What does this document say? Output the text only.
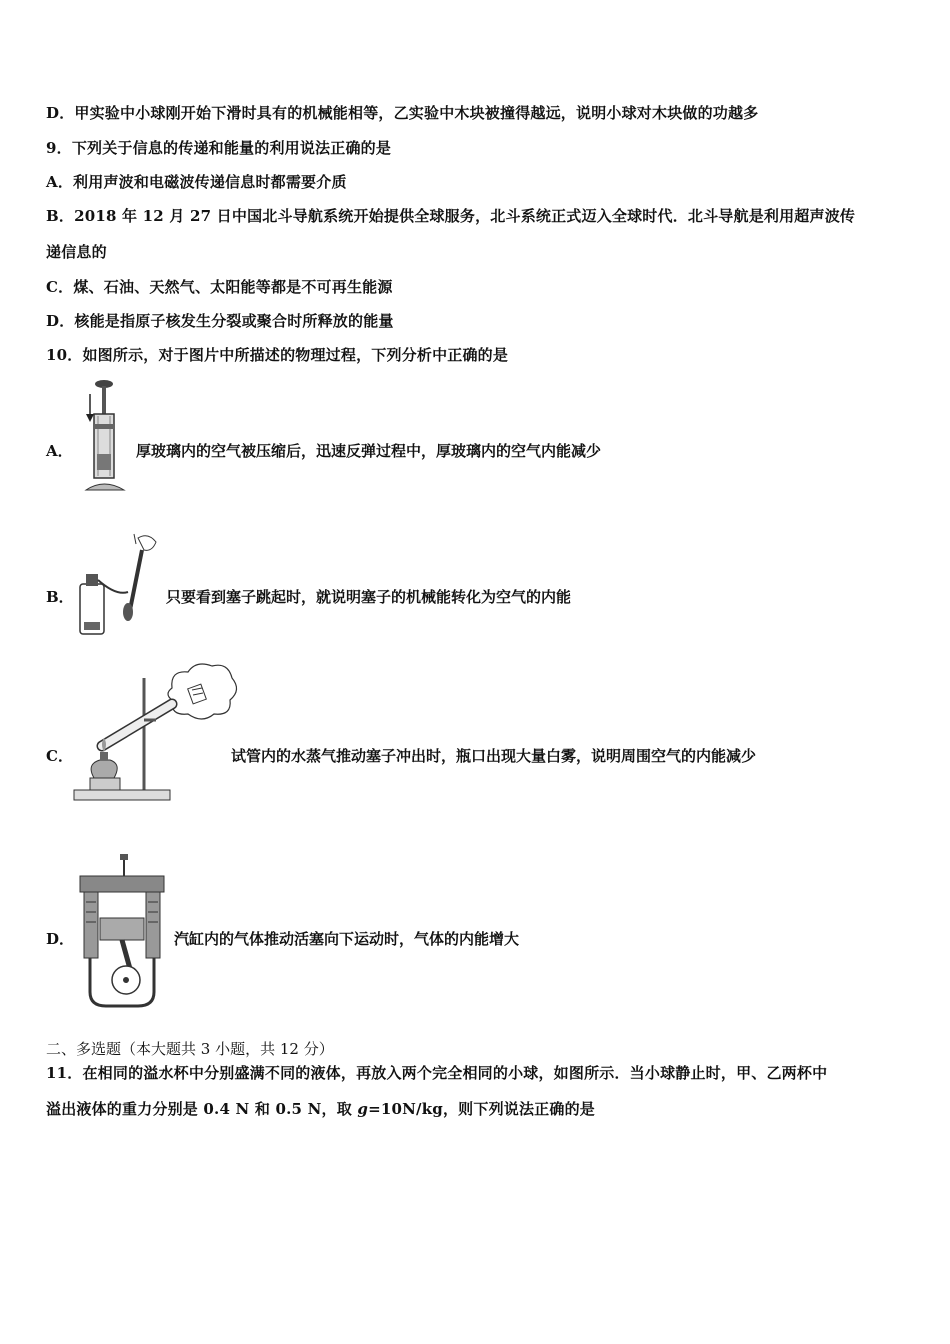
D．甲实验中小球刚开始下滑时具有的机械能相等，乙实验中木块被撞得越远，说明小球对木块做的功越多
9．下列关于信息的传递和能量的利用说法正确的是
A．利用声波和电磁波传递信息时都需要介质
B．2018 年 12 月 27 日中国北斗导航系统开始提供全球服务，北斗系统正式迈入全球时代．北斗导航是利用超声波传
递信息的
C．煤、石油、天然气、太阳能等都是不可再生能源
D．核能是指原子核发生分裂或聚合时所释放的能量
10．如图所示，对于图片中所描述的物理过程，下列分析中正确的是
A．	厚玻璃内的空气被压缩后，迅速反弹过程中，厚玻璃内的空气内能减少
B．	只要看到塞子跳起时，就说明塞子的机械能转化为空气的内能
C．	试管内的水蒸气推动塞子冲出时，瓶口出现大量白雾，说明周围空气的内能减少
D．	汽缸内的气体推动活塞向下运动时，气体的内能增大
二、多选题（本大题共 3 小题，共 12 分）
11．在相同的溢水杯中分别盛满不同的液体，再放入两个完全相同的小球，如图所示．当小球静止时，甲、乙两杯中
溢出液体的重力分别是 0.4 N 和 0.5 N，取 g=10N/kg，则下列说法正确的是
